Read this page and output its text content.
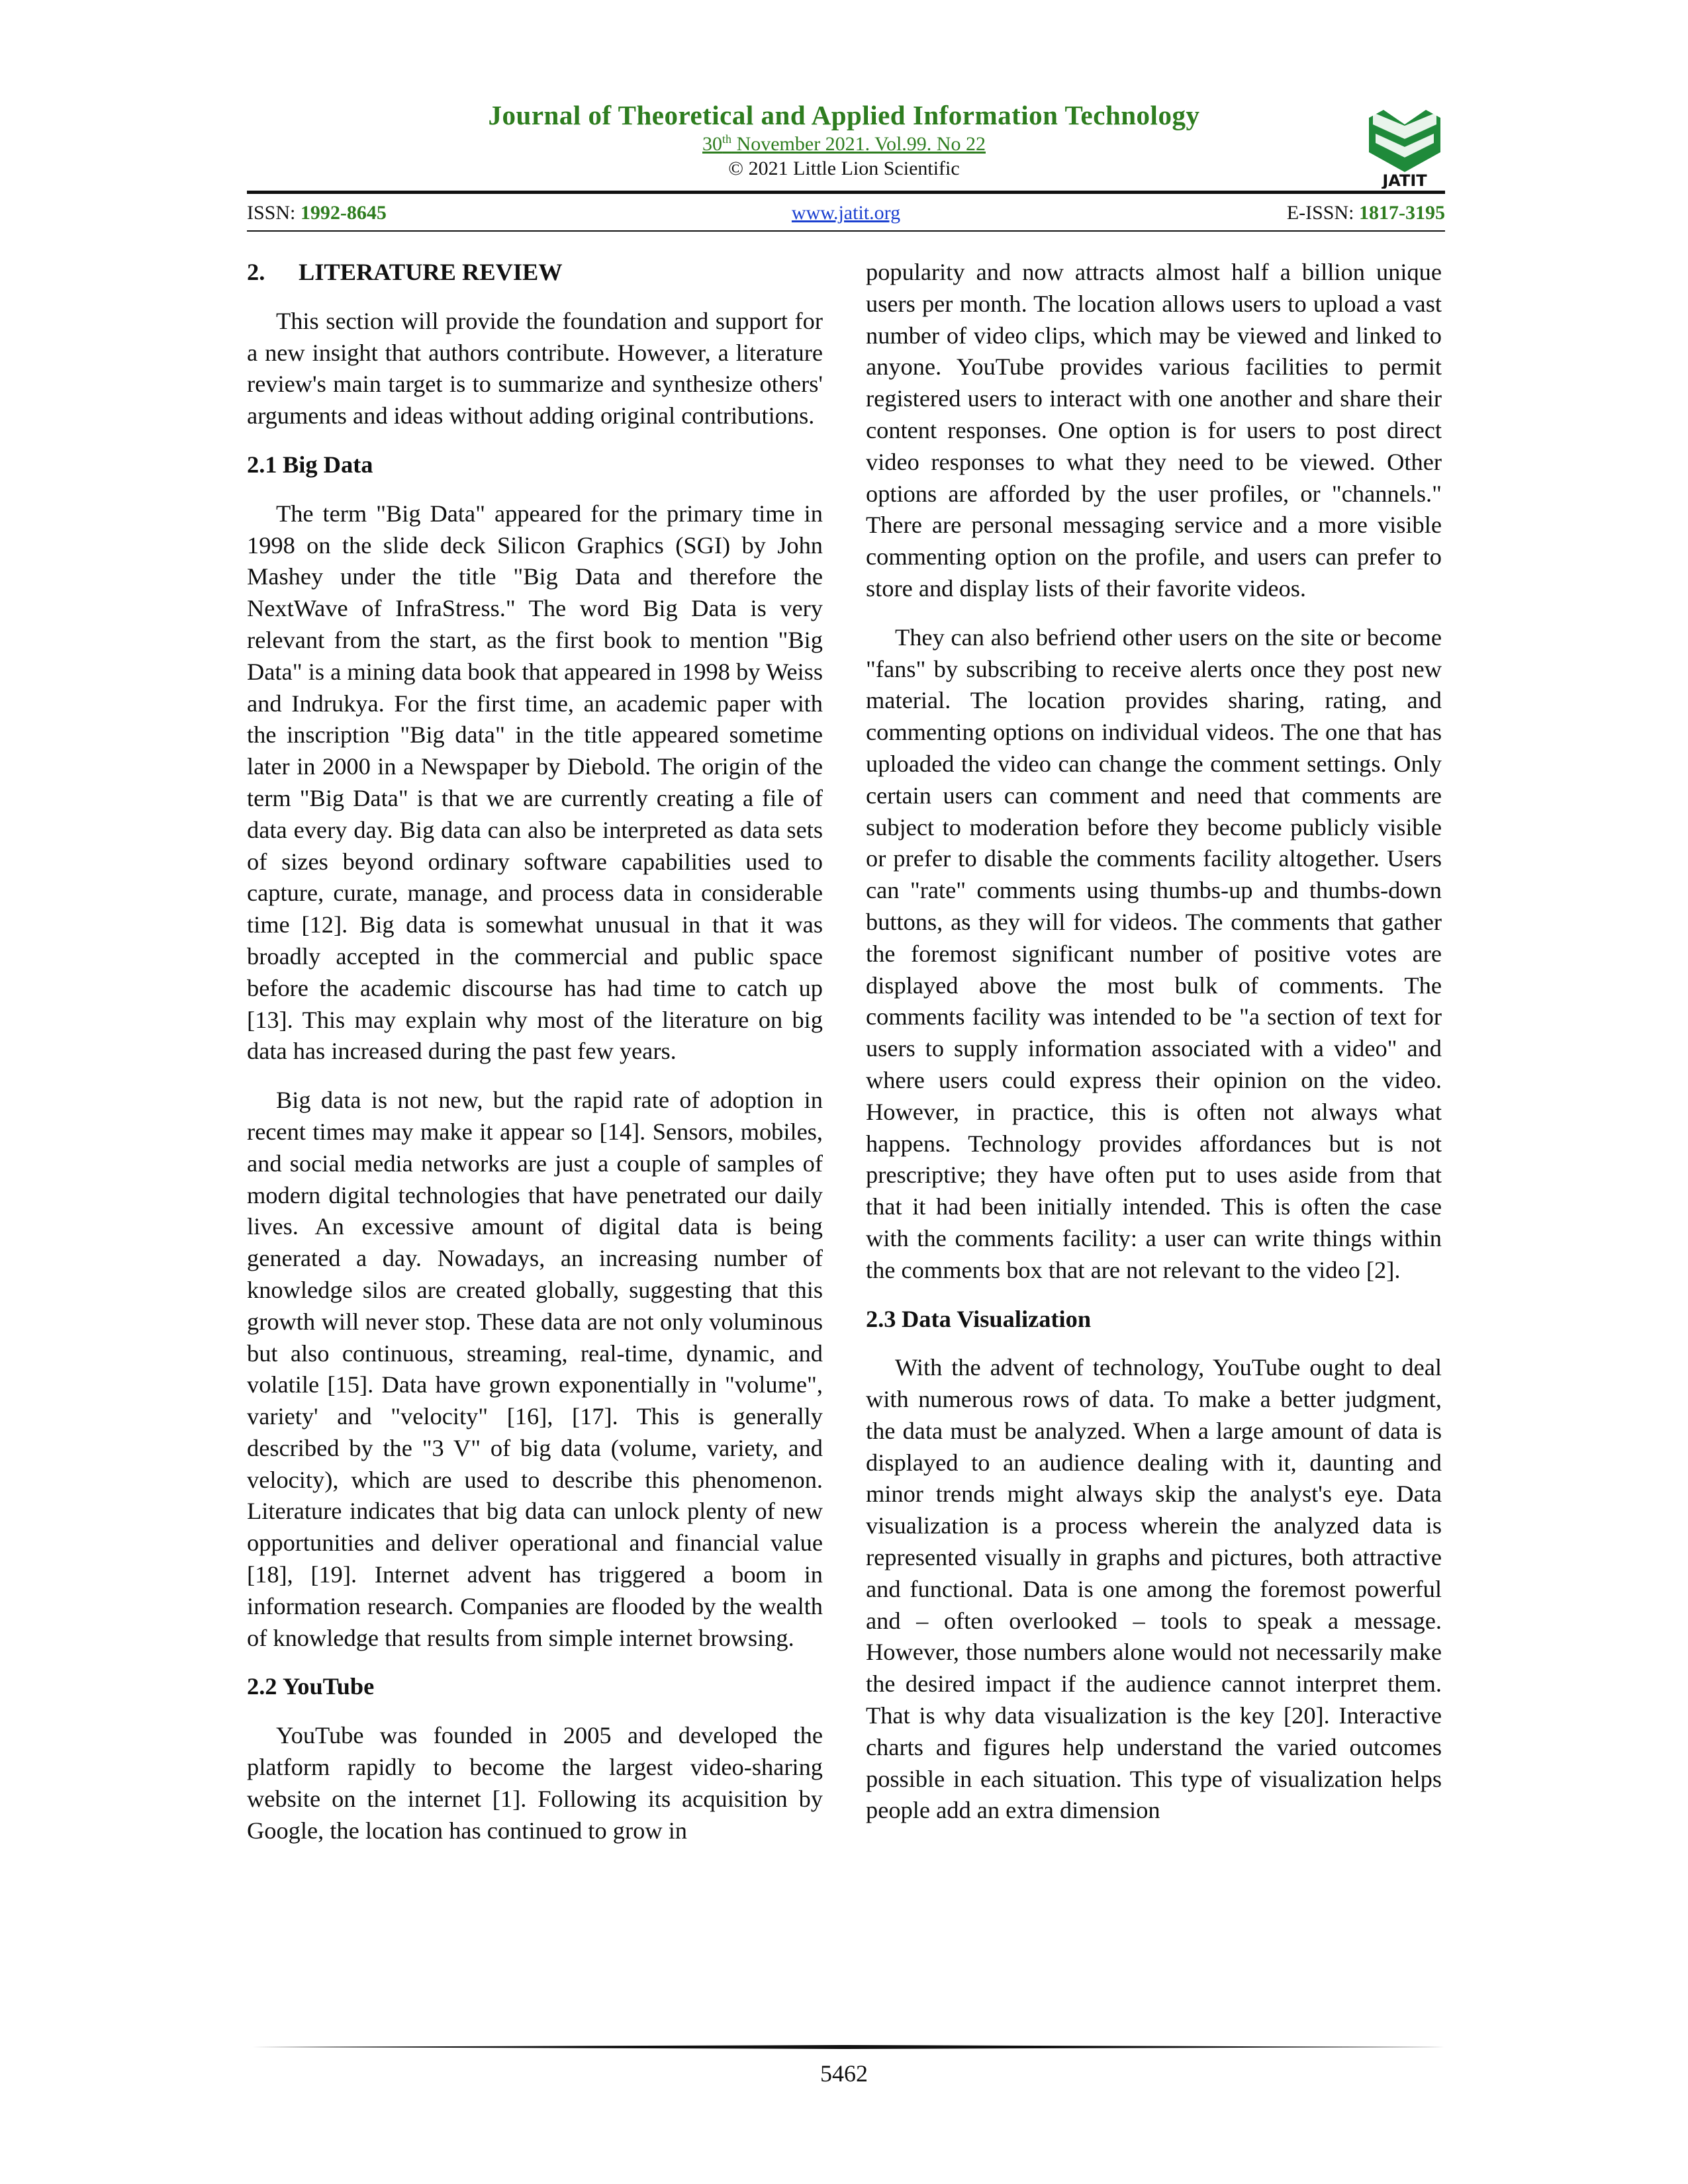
Journal of Theoretical and Applied Information Technology
30th November 2021. Vol.99. No 22
© 2021 Little Lion Scientific
JATIT
ISSN: 1992-8645	www.jatit.org	E-ISSN: 1817-3195
2. LITERATURE REVIEW

This section will provide the foundation and support for a new insight that authors contribute. However, a literature review's main target is to summarize and synthesize others' arguments and ideas without adding original contributions.

2.1 Big Data

The term "Big Data" appeared for the primary time in 1998 on the slide deck Silicon Graphics (SGI) by John Mashey under the title "Big Data and therefore the NextWave of InfraStress." The word Big Data is very relevant from the start, as the first book to mention "Big Data" is a mining data book that appeared in 1998 by Weiss and Indrukya. For the first time, an academic paper with the inscription "Big data" in the title appeared sometime later in 2000 in a Newspaper by Diebold. The origin of the term "Big Data" is that we are currently creating a file of data every day. Big data can also be interpreted as data sets of sizes beyond ordinary software capabilities used to capture, curate, manage, and process data in considerable time [12]. Big data is somewhat unusual in that it was broadly accepted in the commercial and public space before the academic discourse has had time to catch up [13]. This may explain why most of the literature on big data has increased during the past few years.

Big data is not new, but the rapid rate of adoption in recent times may make it appear so [14]. Sensors, mobiles, and social media networks are just a couple of samples of modern digital technologies that have penetrated our daily lives. An excessive amount of digital data is being generated a day. Nowadays, an increasing number of knowledge silos are created globally, suggesting that this growth will never stop. These data are not only voluminous but also continuous, streaming, real-time, dynamic, and volatile [15]. Data have grown exponentially in "volume", variety' and "velocity" [16], [17]. This is generally described by the "3 V" of big data (volume, variety, and velocity), which are used to describe this phenomenon. Literature indicates that big data can unlock plenty of new opportunities and deliver operational and financial value [18], [19]. Internet advent has triggered a boom in information research. Companies are flooded by the wealth of knowledge that results from simple internet browsing.

2.2 YouTube

YouTube was founded in 2005 and developed the platform rapidly to become the largest video-sharing website on the internet [1]. Following its acquisition by Google, the location has continued to grow in

popularity and now attracts almost half a billion unique users per month. The location allows users to upload a vast number of video clips, which may be viewed and linked to anyone. YouTube provides various facilities to permit registered users to interact with one another and share their content responses. One option is for users to post direct video responses to what they need to be viewed. Other options are afforded by the user profiles, or "channels." There are personal messaging service and a more visible commenting option on the profile, and users can prefer to store and display lists of their favorite videos.

They can also befriend other users on the site or become "fans" by subscribing to receive alerts once they post new material. The location provides sharing, rating, and commenting options on individual videos. The one that has uploaded the video can change the comment settings. Only certain users can comment and need that comments are subject to moderation before they become publicly visible or prefer to disable the comments facility altogether. Users can "rate" comments using thumbs-up and thumbs-down buttons, as they will for videos. The comments that gather the foremost significant number of positive votes are displayed above the most bulk of comments. The comments facility was intended to be "a section of text for users to supply information associated with a video" and where users could express their opinion on the video. However, in practice, this is often not always what happens. Technology provides affordances but is not prescriptive; they have often put to uses aside from that that it had been initially intended. This is often the case with the comments facility: a user can write things within the comments box that are not relevant to the video [2].

2.3 Data Visualization

With the advent of technology, YouTube ought to deal with numerous rows of data. To make a better judgment, the data must be analyzed. When a large amount of data is displayed to an audience dealing with it, daunting and minor trends might always skip the analyst's eye. Data visualization is a process wherein the analyzed data is represented visually in graphs and pictures, both attractive and functional. Data is one among the foremost powerful and – often overlooked – tools to speak a message. However, those numbers alone would not necessarily make the desired impact if the audience cannot interpret them. That is why data visualization is the key [20]. Interactive charts and figures help understand the varied outcomes possible in each situation. This type of visualization helps people add an extra dimension

5462
